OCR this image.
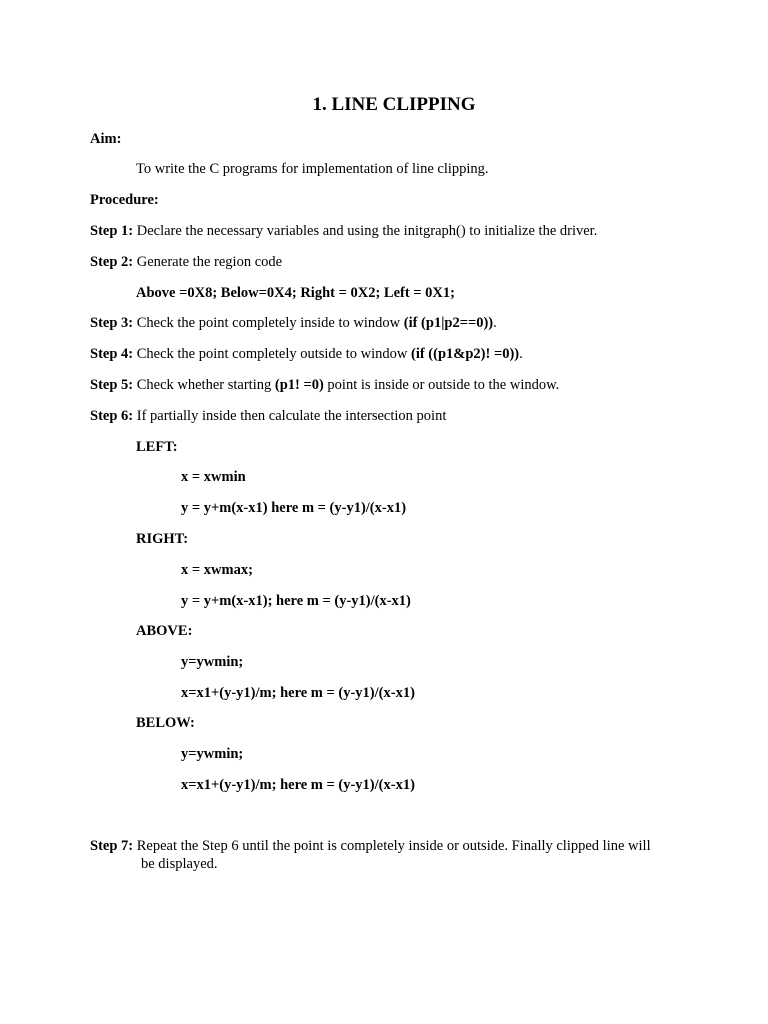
1. LINE CLIPPING
Aim:
To write the C programs for implementation of line clipping.
Procedure:
Step 1: Declare the necessary variables and using the initgraph() to initialize the driver.
Step 2: Generate the region code
Above =0X8; Below=0X4; Right = 0X2; Left = 0X1;
Step 3: Check the point completely inside to window (if (p1|p2==0)).
Step 4: Check the point completely outside to window (if ((p1&p2)! =0)).
Step 5: Check whether starting (p1! =0) point is inside or outside to the window.
Step 6: If partially inside then calculate the intersection point
LEFT:
x = xwmin
y = y+m(x-x1) here m = (y-y1)/(x-x1)
RIGHT:
x = xwmax;
y = y+m(x-x1); here m = (y-y1)/(x-x1)
ABOVE:
y=ywmin;
x=x1+(y-y1)/m; here m = (y-y1)/(x-x1)
BELOW:
y=ywmin;
x=x1+(y-y1)/m; here m = (y-y1)/(x-x1)
Step 7: Repeat the Step 6 until the point is completely inside or outside. Finally clipped line will
be displayed.
